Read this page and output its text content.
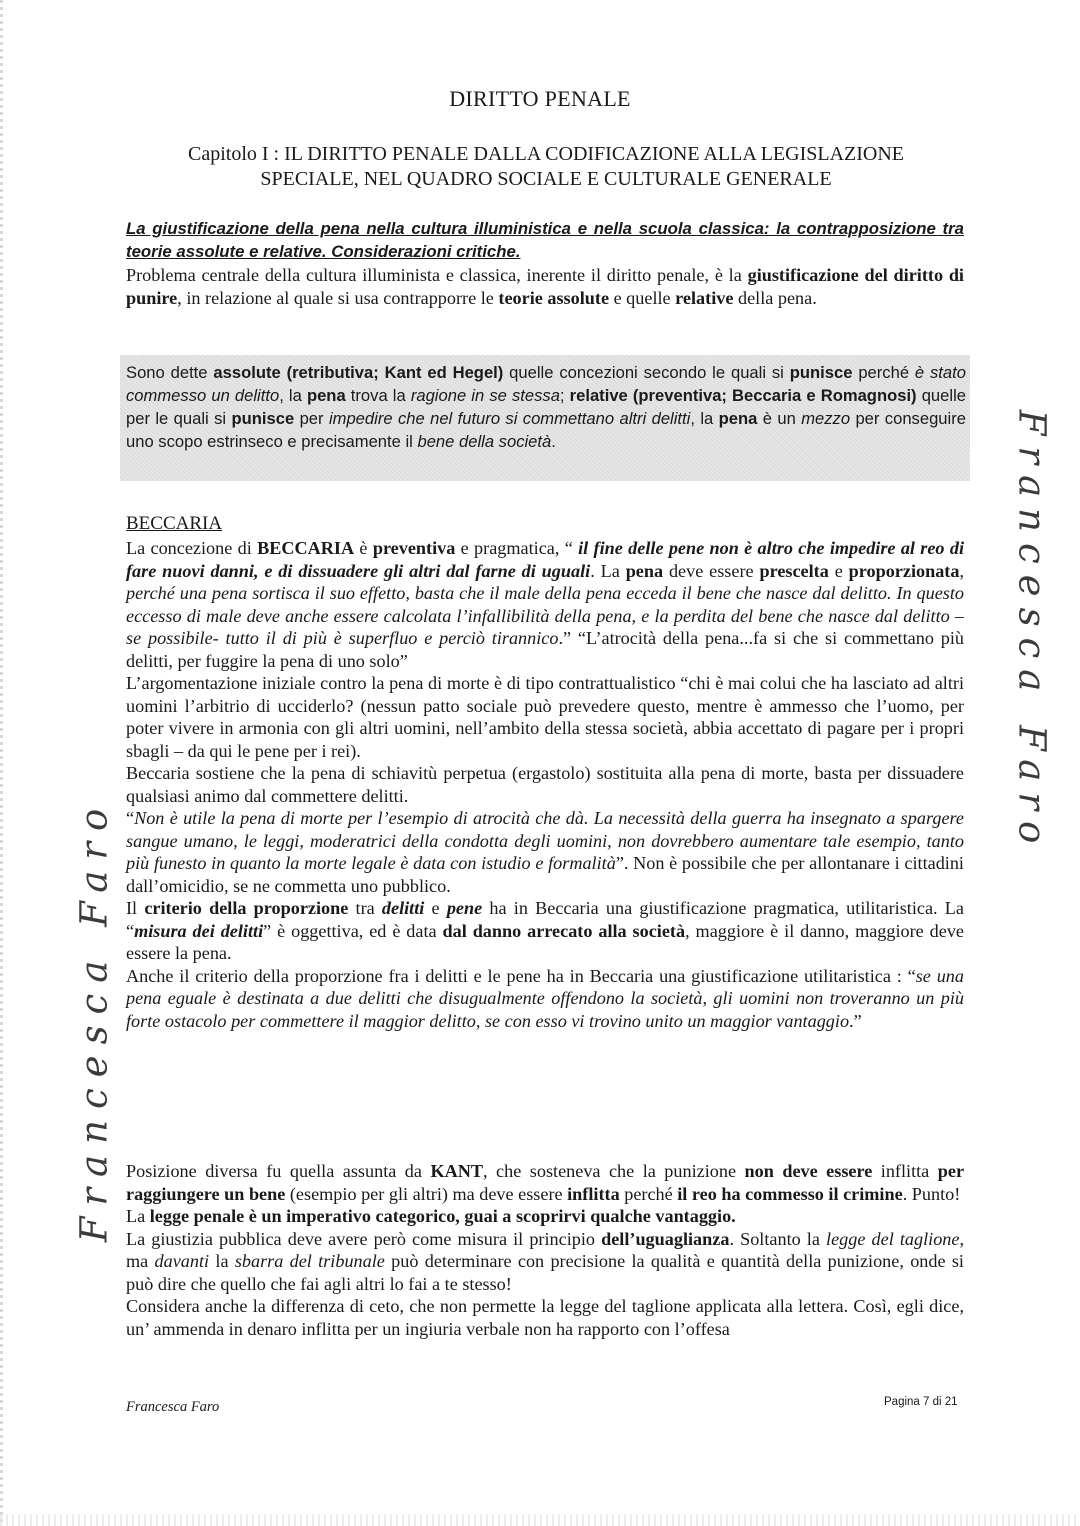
DIRITTO PENALE
Capitolo I : IL DIRITTO PENALE DALLA CODIFICAZIONE ALLA LEGISLAZIONE
SPECIALE, NEL QUADRO SOCIALE E CULTURALE GENERALE

La giustificazione della pena nella cultura illuministica e nella scuola classica: la contrapposizione tra teorie assolute e relative. Considerazioni critiche.

Problema centrale della cultura illuminista e classica, inerente il diritto penale, è la giustificazione del diritto di punire, in relazione al quale si usa contrapporre le teorie assolute e quelle relative della pena.

Sono dette assolute (retributiva; Kant ed Hegel) quelle concezioni secondo le quali si punisce perché è stato commesso un delitto, la pena trova la ragione in se stessa; relative (preventiva; Beccaria e Romagnosi) quelle per le quali si punisce per impedire che nel futuro si commettano altri delitti, la pena è un mezzo per conseguire uno scopo estrinseco e precisamente il bene della società.

BECCARIA

La concezione di BECCARIA è preventiva e pragmatica, “ il fine delle pene non è altro che impedire al reo di fare nuovi danni, e di dissuadere gli altri dal farne di uguali. La pena deve essere prescelta e proporzionata, perché una pena sortisca il suo effetto, basta che il male della pena ecceda il bene che nasce dal delitto. In questo eccesso di male deve anche essere calcolata l’infallibilità della pena, e la perdita del bene che nasce dal delitto – se possibile- tutto il di più è superfluo e perciò tirannico.” “L’atrocità della pena...fa si che si commettano più delitti, per fuggire la pena di uno solo”

L’argomentazione iniziale contro la pena di morte è di tipo contrattualistico “chi è mai colui che ha lasciato ad altri uomini l’arbitrio di ucciderlo? (nessun patto sociale può prevedere questo, mentre è ammesso che l’uomo, per poter vivere in armonia con gli altri uomini, nell’ambito della stessa società, abbia accettato di pagare per i propri sbagli – da qui le pene per i rei).

Beccaria sostiene che la pena di schiavitù perpetua (ergastolo) sostituita alla pena di morte, basta per dissuadere qualsiasi animo dal commettere delitti.

“Non è utile la pena di morte per l’esempio di atrocità che dà. La necessità della guerra ha insegnato a spargere sangue umano, le leggi, moderatrici della condotta degli uomini, non dovrebbero aumentare tale esempio, tanto più funesto in quanto la morte legale è data con istudio e formalità”. Non è possibile che per allontanare i cittadini dall’omicidio, se ne commetta uno pubblico.

Il criterio della proporzione tra delitti e pene ha in Beccaria una giustificazione pragmatica, utilitaristica. La “misura dei delitti” è oggettiva, ed è data dal danno arrecato alla società, maggiore è il danno, maggiore deve essere la pena.

Anche il criterio della proporzione fra i delitti e le pene ha in Beccaria una giustificazione utilitaristica : “se una pena eguale è destinata a due delitti che disugualmente offendono la società, gli uomini non troveranno un più forte ostacolo per commettere il maggior delitto, se con esso vi trovino unito un maggior vantaggio.”

Posizione diversa fu quella assunta da KANT, che sosteneva che la punizione non deve essere inflitta per raggiungere un bene (esempio per gli altri) ma deve essere inflitta perché il reo ha commesso il crimine. Punto!

La legge penale è un imperativo categorico, guai a scoprirvi qualche vantaggio.

La giustizia pubblica deve avere però come misura il principio dell’uguaglianza. Soltanto la legge del taglione, ma davanti la sbarra del tribunale può determinare con precisione la qualità e quantità della punizione, onde si può dire che quello che fai agli altri lo fai a te stesso!

Considera anche la differenza di ceto, che non permette la legge del taglione applicata alla lettera. Così, egli dice, un’ ammenda in denaro inflitta per un ingiuria verbale non ha rapporto con l’offesa

Pagina 7 di 21
Francesca Faro
Francesca Faro
Francesca Faro
